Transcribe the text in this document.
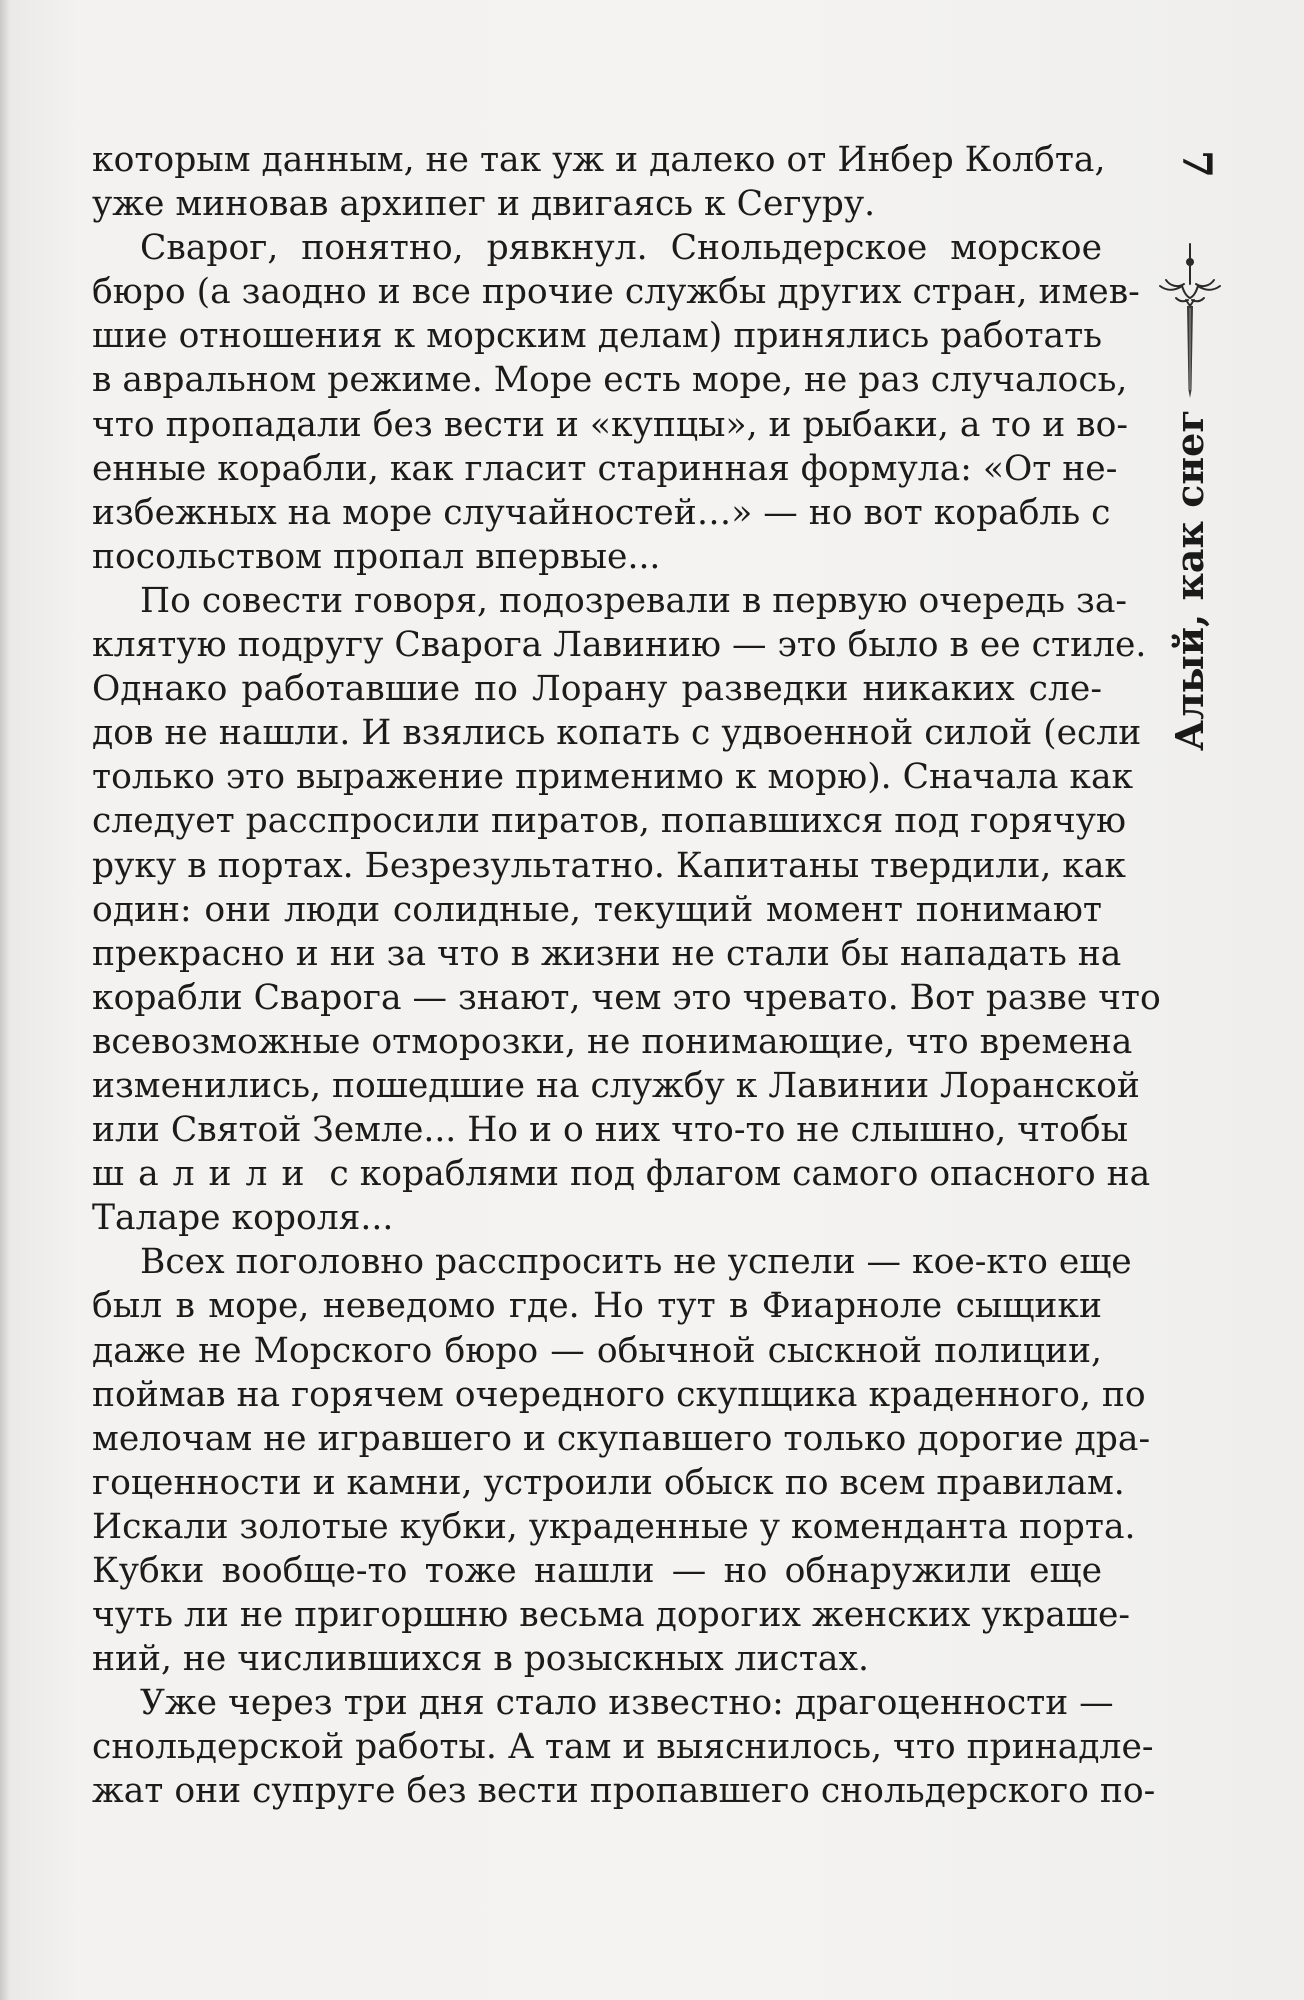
которым данным, не так уж и далеко от Инбер Колбта,
уже миновав архипег и двигаясь к Сегуру.
Сварог, понятно, рявкнул. Снольдерское морское
бюро (а заодно и все прочие службы других стран, имев-
шие отношения к морским делам) принялись работать
в авральном режиме. Море есть море, не раз случалось,
что пропадали без вести и «купцы», и рыбаки, а то и во-
енные корабли, как гласит старинная формула: «От не-
избежных на море случайностей…» — но вот корабль с
посольством пропал впервые...
По совести говоря, подозревали в первую очередь за-
клятую подругу Сварога Лавинию — это было в ее стиле.
Однако работавшие по Лорану разведки никаких сле-
дов не нашли. И взялись копать с удвоенной силой (если
только это выражение применимо к морю). Сначала как
следует расспросили пиратов, попавшихся под горячую
руку в портах. Безрезультатно. Капитаны твердили, как
один: они люди солидные, текущий момент понимают
прекрасно и ни за что в жизни не стали бы нападать на
корабли Сварога — знают, чем это чревато. Вот разве что
всевозможные отморозки, не понимающие, что времена
изменились, пошедшие на службу к Лавинии Лоранской
или Святой Земле... Но и о них что-то не слышно, чтобы
шалили с кораблями под флагом самого опасного на
Таларе короля...
Всех поголовно расспросить не успели — кое-кто еще
был в море, неведомо где. Но тут в Фиарноле сыщики
даже не Морского бюро — обычной сыскной полиции,
поймав на горячем очередного скупщика краденного, по
мелочам не игравшего и скупавшего только дорогие дра-
гоценности и камни, устроили обыск по всем правилам.
Искали золотые кубки, украденные у коменданта порта.
Кубки вообще-то тоже нашли — но обнаружили еще
чуть ли не пригоршню весьма дорогих женских украше-
ний, не числившихся в розыскных листах.
Уже через три дня стало известно: драгоценности —
снольдерской работы. А там и выяснилось, что принадле-
жат они супруге без вести пропавшего снольдерского по-
7
Алый, как снег
